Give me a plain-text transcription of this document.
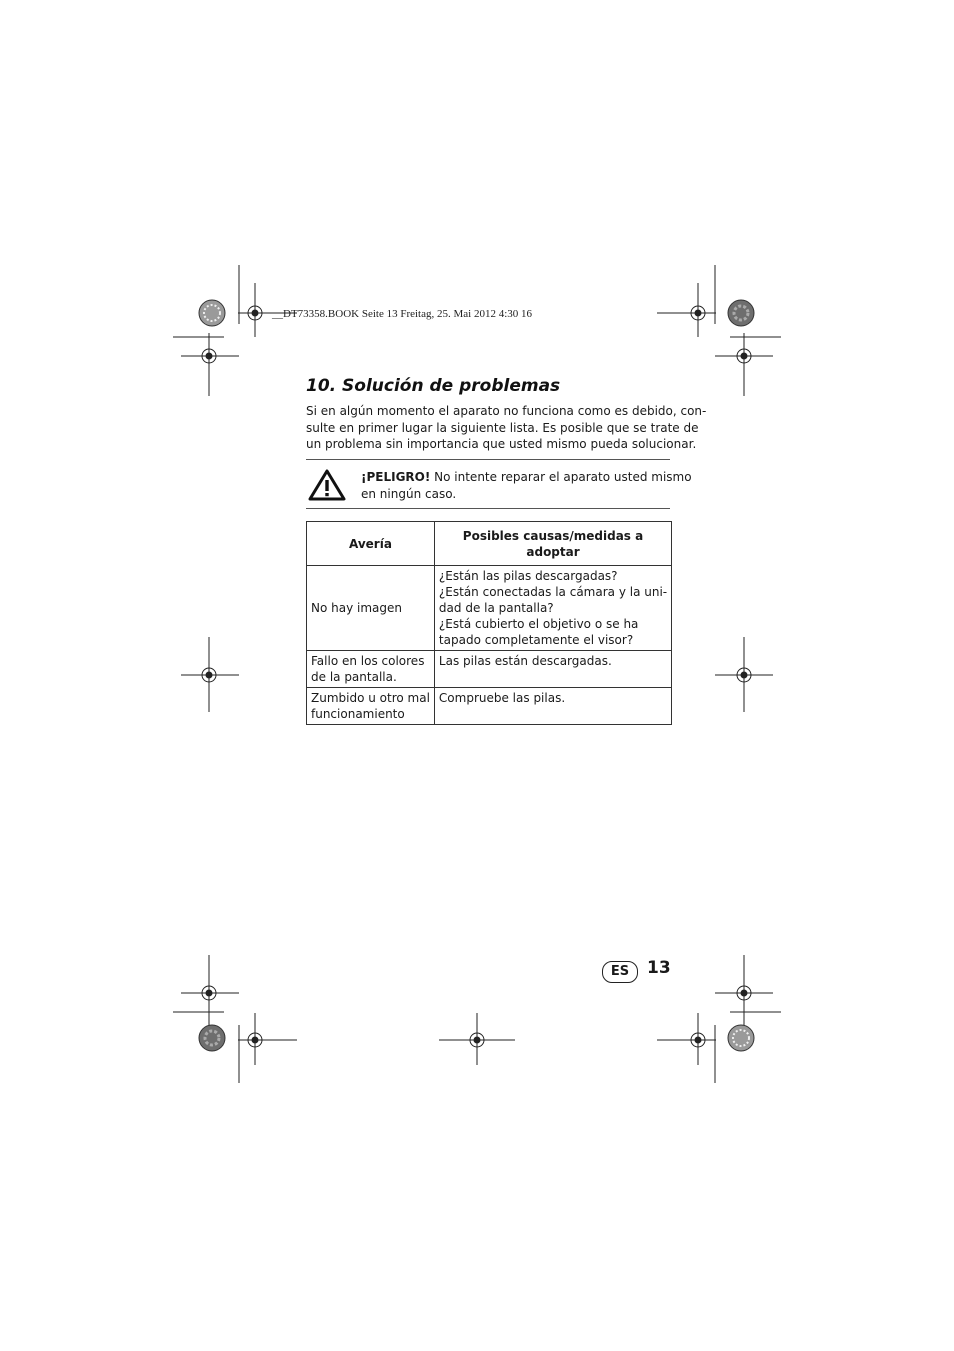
__DT73358.BOOK Seite 13 Freitag, 25. Mai 2012 4:30 16
10. Solución de problemas

Si en algún momento el aparato no funciona como es debido, con-
sulte en primer lugar la siguiente lista. Es posible que se trate de
un problema sin importancia que usted mismo pueda solucionar.

¡PELIGRO! No intente reparar el aparato usted mismo
en ningún caso.

Avería	Posibles causas/medidas a
adoptar

No hay imagen	¿Están las pilas descargadas?
¿Están conectadas la cámara y la uni-
dad de la pantalla?
¿Está cubierto el objetivo o se ha
tapado completamente el visor?

Fallo en los colores
de la pantalla.	Las pilas están descargadas.

Zumbido u otro mal
funcionamiento	Compruebe las pilas.
ES	13
